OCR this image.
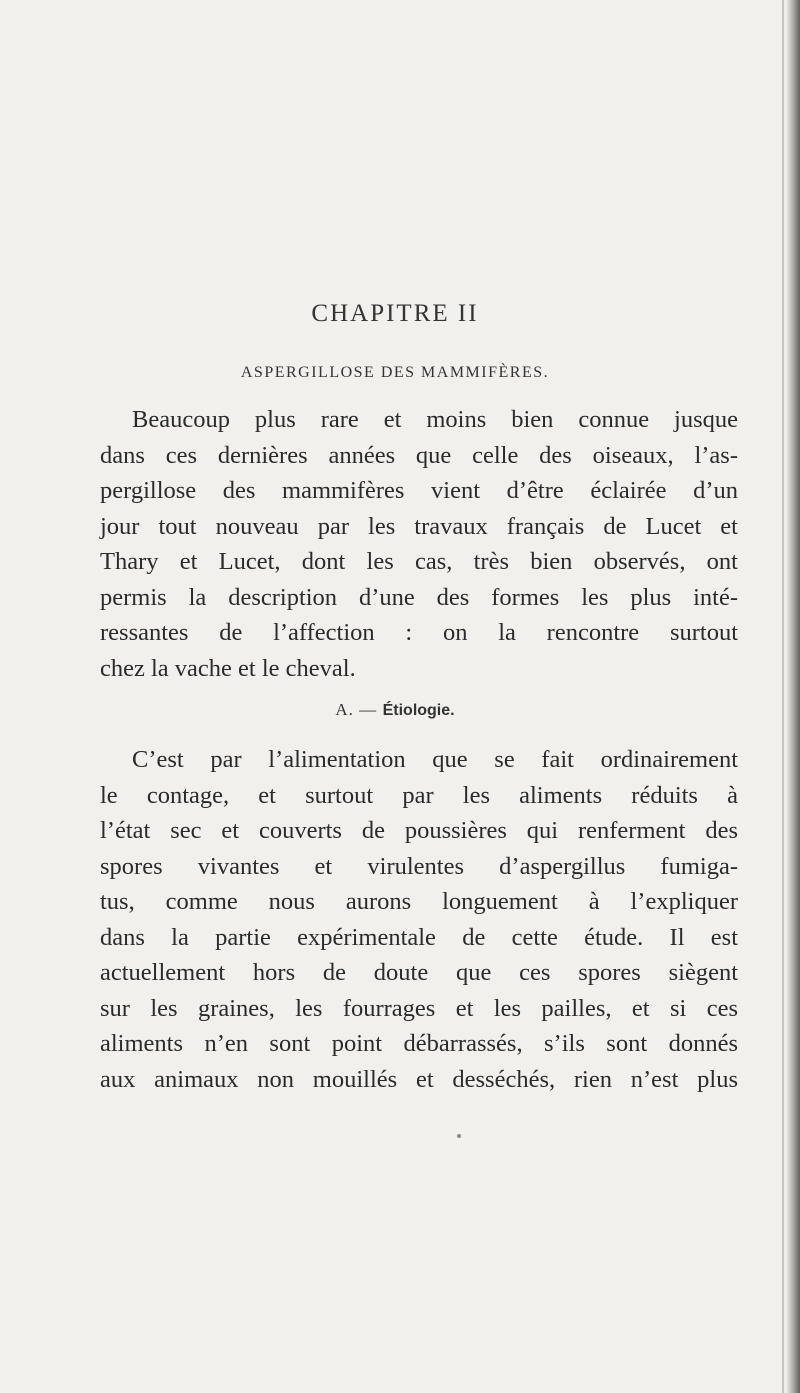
CHAPITRE II
ASPERGILLOSE DES MAMMIFÈRES.
Beaucoup plus rare et moins bien connue jusque
dans ces dernières années que celle des oiseaux, l’as-
pergillose des mammifères vient d’être éclairée d’un
jour tout nouveau par les travaux français de Lucet et
Thary et Lucet, dont les cas, très bien observés, ont
permis la description d’une des formes les plus inté-
ressantes de l’affection : on la rencontre surtout
chez la vache et le cheval.
A. — Étiologie.
C’est par l’alimentation que se fait ordinairement
le contage, et surtout par les aliments réduits à
l’état sec et couverts de poussières qui renferment des
spores vivantes et virulentes d’aspergillus fumiga-
tus, comme nous aurons longuement à l’expliquer
dans la partie expérimentale de cette étude. Il est
actuellement hors de doute que ces spores siègent
sur les graines, les fourrages et les pailles, et si ces
aliments n’en sont point débarrassés, s’ils sont donnés
aux animaux non mouillés et desséchés, rien n’est plus
